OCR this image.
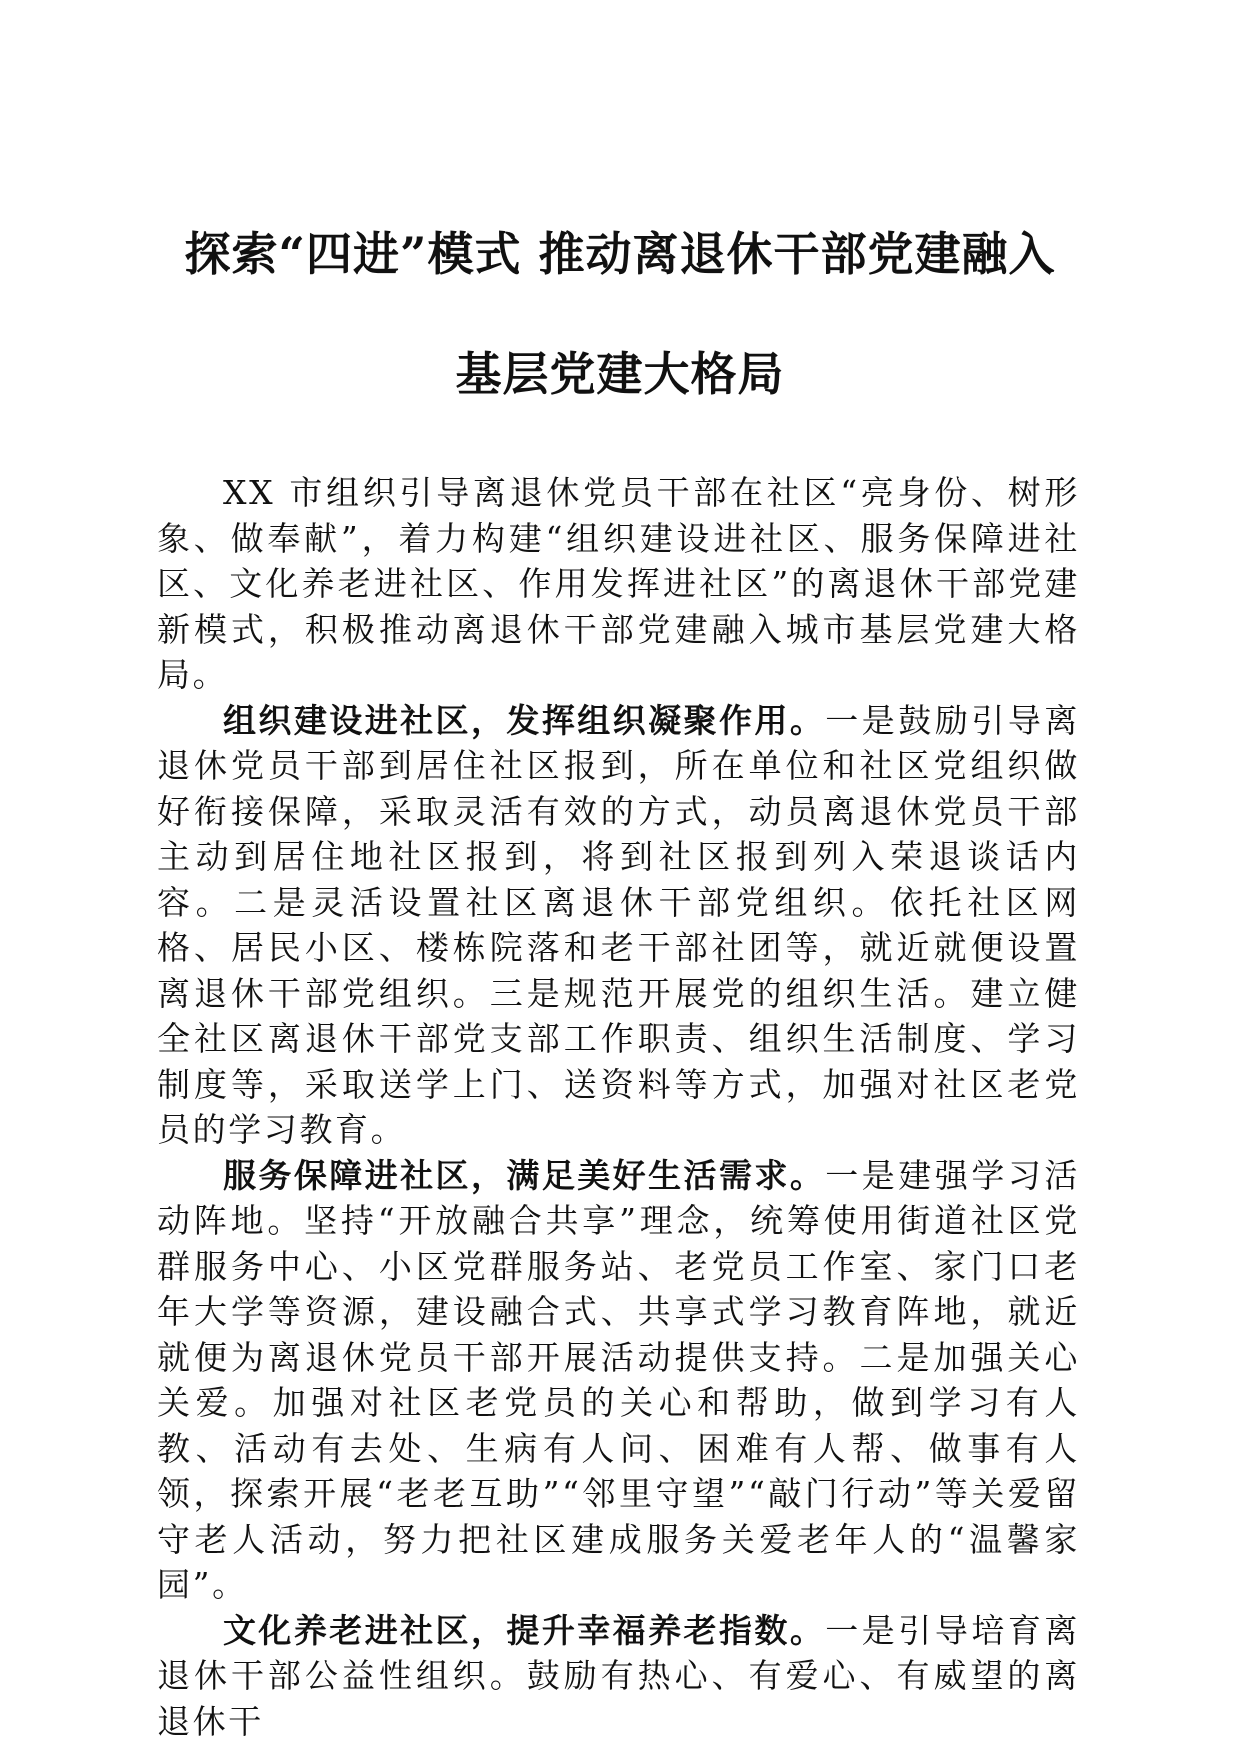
探索“四进”模式 推动离退休干部党建融入
基层党建大格局

XX 市组织引导离退休党员干部在社区“亮身份、树形象、做奉献”，着力构建“组织建设进社区、服务保障进社区、文化养老进社区、作用发挥进社区”的离退休干部党建新模式，积极推动离退休干部党建融入城市基层党建大格局。

组织建设进社区，发挥组织凝聚作用。一是鼓励引导离退休党员干部到居住社区报到，所在单位和社区党组织做好衔接保障，采取灵活有效的方式，动员离退休党员干部主动到居住地社区报到，将到社区报到列入荣退谈话内容。二是灵活设置社区离退休干部党组织。依托社区网格、居民小区、楼栋院落和老干部社团等，就近就便设置离退休干部党组织。三是规范开展党的组织生活。建立健全社区离退休干部党支部工作职责、组织生活制度、学习制度等，采取送学上门、送资料等方式，加强对社区老党员的学习教育。

服务保障进社区，满足美好生活需求。一是建强学习活动阵地。坚持“开放融合共享”理念，统筹使用街道社区党群服务中心、小区党群服务站、老党员工作室、家门口老年大学等资源，建设融合式、共享式学习教育阵地，就近就便为离退休党员干部开展活动提供支持。二是加强关心关爱。加强对社区老党员的关心和帮助，做到学习有人教、活动有去处、生病有人问、困难有人帮、做事有人领，探索开展“老老互助”“邻里守望”“敲门行动”等关爱留守老人活动，努力把社区建成服务关爱老年人的“温馨家园”。

文化养老进社区，提升幸福养老指数。一是引导培育离退休干部公益性组织。鼓励有热心、有爱心、有威望的离退休干
